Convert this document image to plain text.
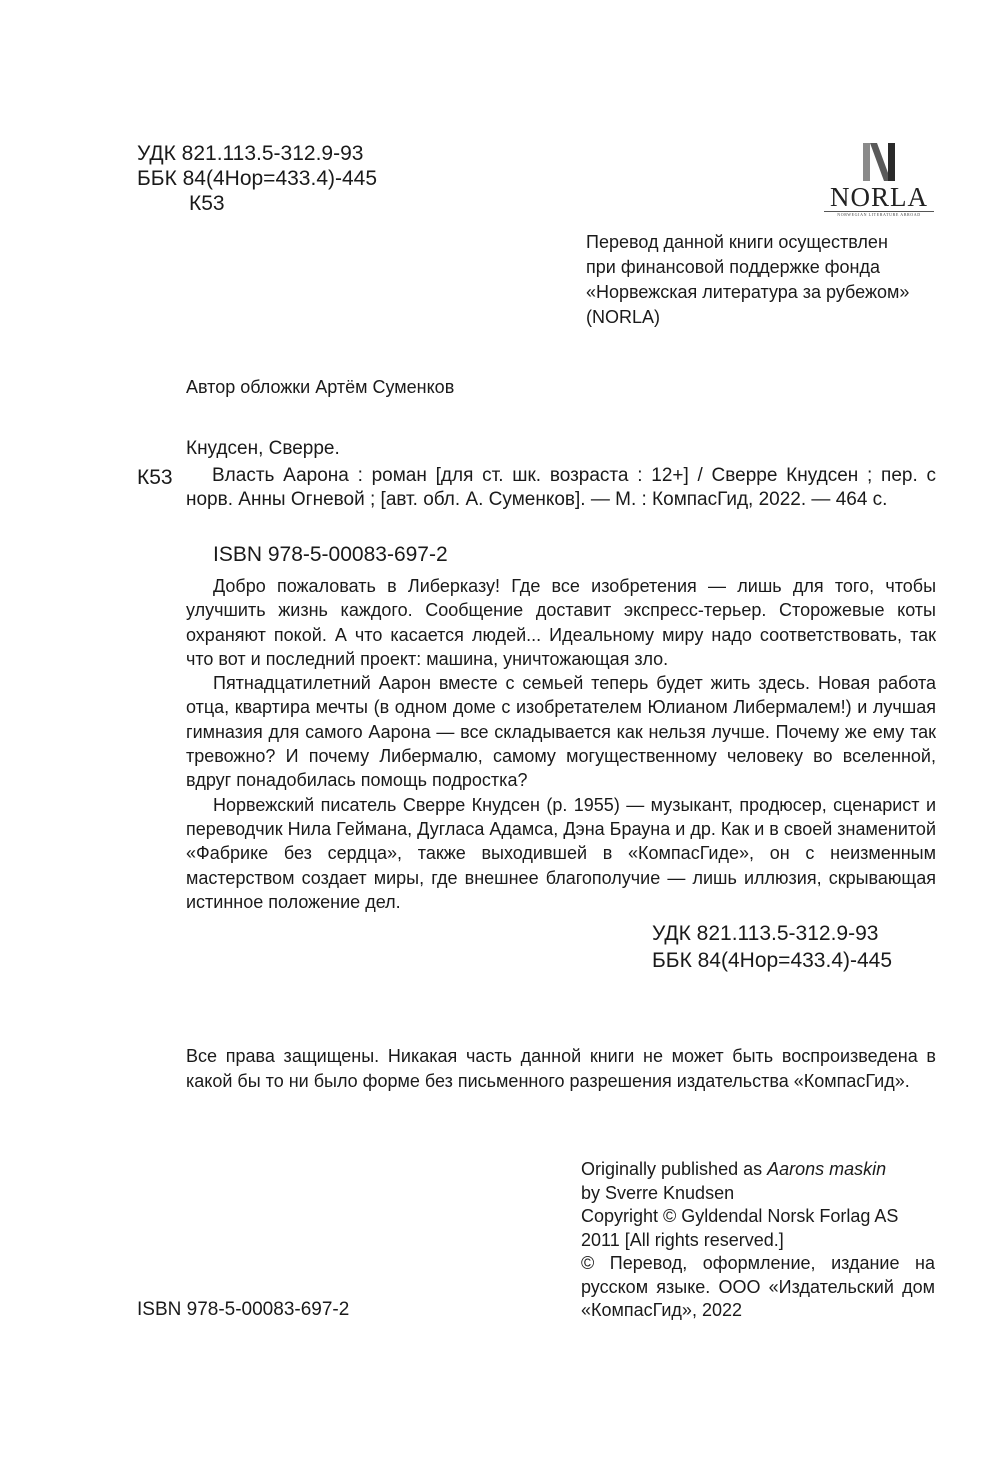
УДК 821.113.5-312.9-93
ББК 84(4Нор=433.4)-445
К53	NORLA
NORWEGIAN LITERATURE ABROAD
Перевод данной книги осуществлен
при финансовой поддержке фонда
«Норвежская литература за рубежом»
(NORLA)
Автор обложки Артём Суменков
Кнудсен, Сверре.
К53	Власть Аарона : роман [для ст. шк. возраста : 12+] / Сверре Кнудсен ; пер. с норв. Анны Огневой ; [авт. обл. А. Суменков]. — М. : КомпасГид, 2022. — 464 с.
ISBN 978-5-00083-697-2

Добро пожаловать в Либерказу! Где все изобретения — лишь для того, чтобы улучшить жизнь каждого. Сообщение доставит экспресс-терьер. Сторожевые коты охраняют покой. А что касается людей... Идеальному миру надо соответствовать, так что вот и последний проект: машина, уничтожающая зло.

Пятнадцатилетний Аарон вместе с семьей теперь будет жить здесь. Новая работа отца, квартира мечты (в одном доме с изобретателем Юлианом Либермалем!) и лучшая гимназия для самого Аарона — все складывается как нельзя лучше. Почему же ему так тревожно? И почему Либермалю, самому могущественному человеку во вселенной, вдруг понадобилась помощь подростка?

Норвежский писатель Сверре Кнудсен (р. 1955) — музыкант, продюсер, сценарист и переводчик Нила Геймана, Дугласа Адамса, Дэна Брауна и др. Как и в своей знаменитой «Фабрике без сердца», также выходившей в «КомпасГиде», он с неизменным мастерством создает миры, где внешнее благополучие — лишь иллюзия, скрывающая истинное положение дел.

УДК 821.113.5-312.9-93
ББК 84(4Нор=433.4)-445
Все права защищены. Никакая часть данной книги не может быть воспроизведена в какой бы то ни было форме без письменного разрешения издательства «КомпасГид».

Originally published as Aarons maskin

by Sverre Knudsen

Copyright © Gyldendal Norsk Forlag AS

2011 [All rights reserved.]

© Перевод, оформление, издание на русском языке. ООО «Издательский дом «КомпасГид», 2022

ISBN 978-5-00083-697-2
